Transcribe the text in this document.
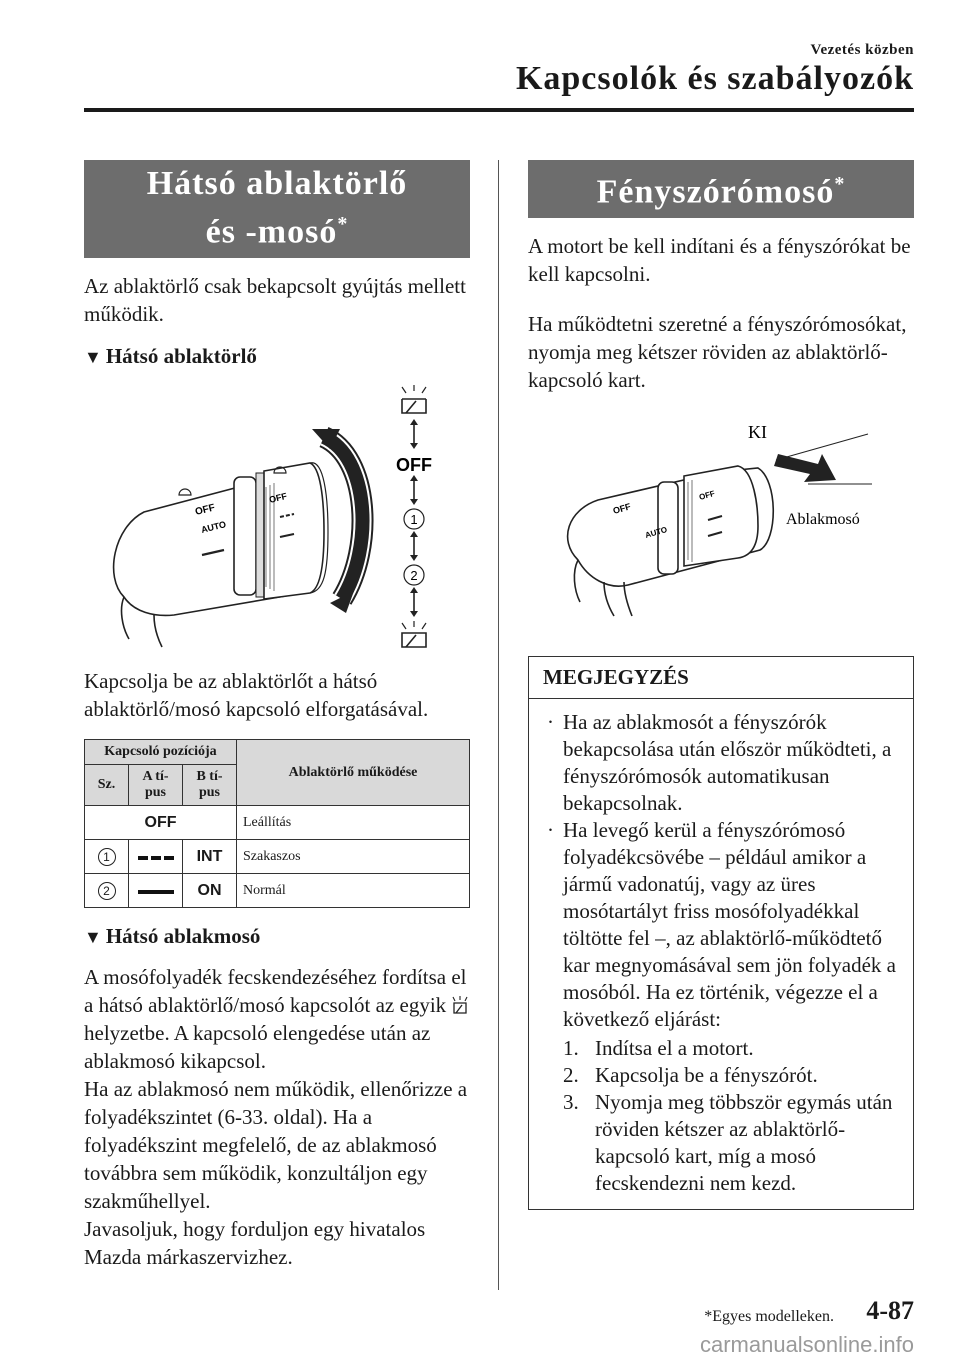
Vezetés közben
Kapcsolók és szabályozók
Hátsó ablaktörlő
és -mosó*

Az ablaktörlő csak bekapcsolt gyújtás mellett működik.

▼ Hátsó ablaktörlő
OFF
AUTO
OFF
OFF
1
2

Kapcsolja be az ablaktörlőt a hátsó ablaktörlő/mosó kapcsoló elforgatásával.

Kapcsoló pozíciója			Ablaktörlő működése
Sz.	A tí-pus	B tí-pus	
OFF			Leállítás
1		INT	Szakaszos
2		ON	Normál
▼ Hátsó ablakmosó

A mosófolyadék fecskendezéséhez fordítsa el a hátsó ablaktörlő/mosó kapcsolót az egyik  helyzetbe. A kapcsoló elengedése után az ablakmosó kikapcsol.

Ha az ablakmosó nem működik, ellenőrizze a folyadékszintet (6-33. oldal). Ha a folyadékszint megfelelő, de az ablakmosó továbbra sem működik, konzultáljon egy szakműhellyel.

Javasoljuk, hogy forduljon egy hivatalos Mazda márkaszervizhez.

Fényszórómosó*

A motort be kell indítani és a fényszórókat be kell kapcsolni.

Ha működtetni szeretné a fényszórómosókat, nyomja meg kétszer röviden az ablaktörlő-kapcsoló kart.

OFF
AUTO
OFF
KI
Ablakmosó
MEGJEGYZÉS
· Ha az ablakmosót a fényszórók bekapcsolása után először működteti, a fényszórómosók automatikusan bekapcsolnak.
· Ha levegő kerül a fényszórómosó folyadékcsövébe – például amikor a jármű vadonatúj, vagy az üres mosótartályt friss mosófolyadékkal töltötte fel –, az ablaktörlő-működtető kar megnyomásával sem jön folyadék a mosóból. Ha ez történik, végezze el a következő eljárást:
1. Indítsa el a motort.
2. Kapcsolja be a fényszórót.
3. Nyomja meg többször egymás után röviden kétszer az ablaktörlő-kapcsoló kart, míg a mosó fecskendezni nem kezd.
*Egyes modelleken. 4-87
carmanualsonline.info
